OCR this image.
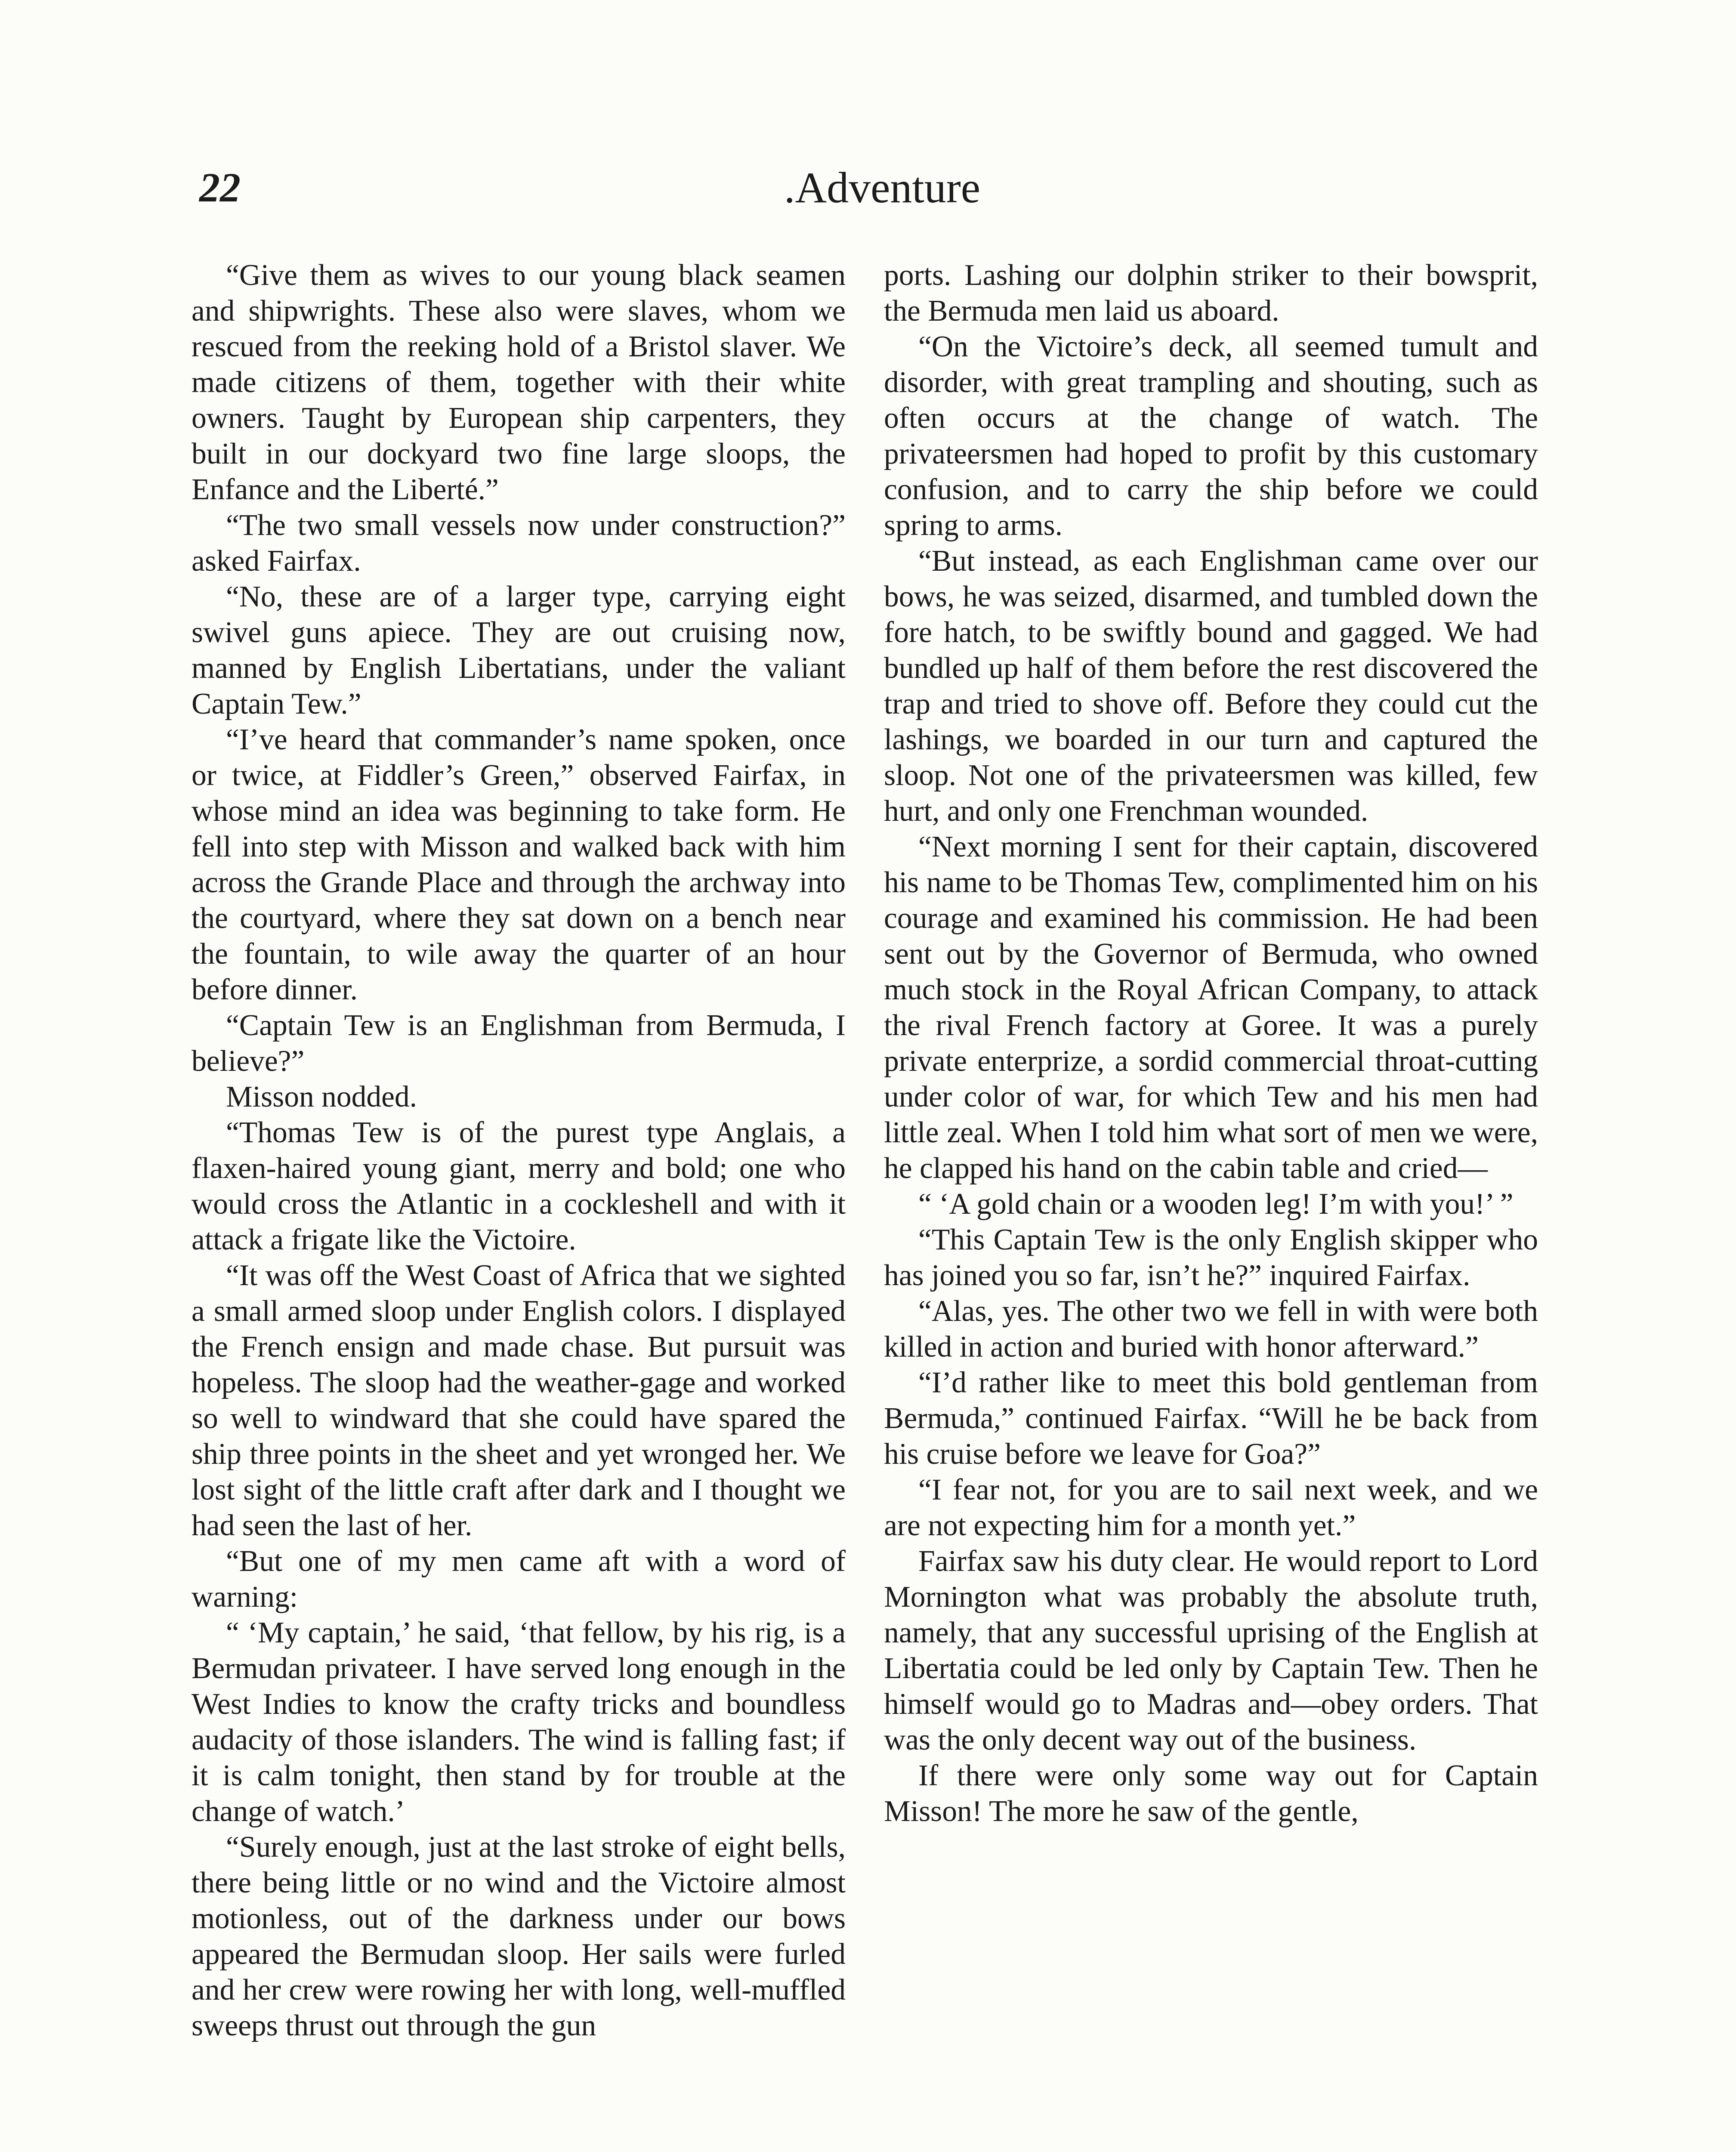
22	.Adventure

“Give them as wives to our young black seamen and shipwrights. These also were slaves, whom we rescued from the reeking hold of a Bristol slaver. We made citizens of them, together with their white owners. Taught by European ship carpenters, they built in our dockyard two fine large sloops, the Enfance and the Liberté.”

“The two small vessels now under construction?” asked Fairfax.

“No, these are of a larger type, carrying eight swivel guns apiece. They are out cruising now, manned by English Libertatians, under the valiant Captain Tew.”

“I’ve heard that commander’s name spoken, once or twice, at Fiddler’s Green,” observed Fairfax, in whose mind an idea was beginning to take form. He fell into step with Misson and walked back with him across the Grande Place and through the archway into the courtyard, where they sat down on a bench near the fountain, to wile away the quarter of an hour before dinner.

“Captain Tew is an Englishman from Bermuda, I believe?”

Misson nodded.

“Thomas Tew is of the purest type Anglais, a flaxen-haired young giant, merry and bold; one who would cross the Atlantic in a cockleshell and with it attack a frigate like the Victoire.

“It was off the West Coast of Africa that we sighted a small armed sloop under English colors. I displayed the French ensign and made chase. But pursuit was hopeless. The sloop had the weather-gage and worked so well to windward that she could have spared the ship three points in the sheet and yet wronged her. We lost sight of the little craft after dark and I thought we had seen the last of her.

“But one of my men came aft with a word of warning:

“ ‘My captain,’ he said, ‘that fellow, by his rig, is a Bermudan privateer. I have served long enough in the West Indies to know the crafty tricks and boundless audacity of those islanders. The wind is falling fast; if it is calm tonight, then stand by for trouble at the change of watch.’

“Surely enough, just at the last stroke of eight bells, there being little or no wind and the Victoire almost motionless, out of the darkness under our bows appeared the Bermudan sloop. Her sails were furled and her crew were rowing her with long, well-muffled sweeps thrust out through the gun

ports. Lashing our dolphin striker to their bowsprit, the Bermuda men laid us aboard.

“On the Victoire’s deck, all seemed tumult and disorder, with great trampling and shouting, such as often occurs at the change of watch. The privateersmen had hoped to profit by this customary confusion, and to carry the ship before we could spring to arms.

“But instead, as each Englishman came over our bows, he was seized, disarmed, and tumbled down the fore hatch, to be swiftly bound and gagged. We had bundled up half of them before the rest discovered the trap and tried to shove off. Before they could cut the lashings, we boarded in our turn and captured the sloop. Not one of the privateersmen was killed, few hurt, and only one Frenchman wounded.

“Next morning I sent for their captain, discovered his name to be Thomas Tew, complimented him on his courage and examined his commission. He had been sent out by the Governor of Bermuda, who owned much stock in the Royal African Company, to attack the rival French factory at Goree. It was a purely private enterprize, a sordid commercial throat-cutting under color of war, for which Tew and his men had little zeal. When I told him what sort of men we were, he clapped his hand on the cabin table and cried—

“ ‘A gold chain or a wooden leg! I’m with you!’ ”

“This Captain Tew is the only English skipper who has joined you so far, isn’t he?” inquired Fairfax.

“Alas, yes. The other two we fell in with were both killed in action and buried with honor afterward.”

“I’d rather like to meet this bold gentleman from Bermuda,” continued Fairfax. “Will he be back from his cruise before we leave for Goa?”

“I fear not, for you are to sail next week, and we are not expecting him for a month yet.”

Fairfax saw his duty clear. He would report to Lord Mornington what was probably the absolute truth, namely, that any successful uprising of the English at Libertatia could be led only by Captain Tew. Then he himself would go to Madras and—obey orders. That was the only decent way out of the business.

If there were only some way out for Captain Misson! The more he saw of the gentle,
